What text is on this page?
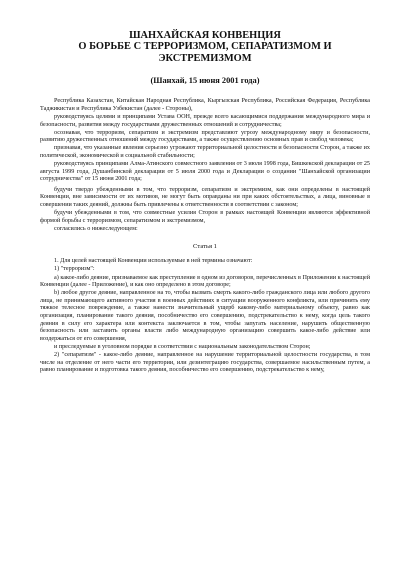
ШАНХАЙСКАЯ КОНВЕНЦИЯ
О БОРЬБЕ С ТЕРРОРИЗМОМ, СЕПАРАТИЗМОМ И ЭКСТРЕМИЗМОМ
(Шанхай, 15 июня 2001 года)

Республика Казахстан, Китайская Народная Республика, Кыргызская Республика, Российская Федерация, Республика Таджикистан и Республика Узбекистан (далее - Стороны),

руководствуясь целями и принципами Устава ООН, прежде всего касающимися поддержания международного мира и безопасности, развития между государствами дружественных отношений и сотрудничества;

осознавая, что терроризм, сепаратизм и экстремизм представляют угрозу международному миру и безопасности, развитию дружественных отношений между государствами, а также осуществлению основных прав и свобод человека;

признавая, что указанные явления серьезно угрожают территориальной целостности и безопасности Сторон, а также их политической, экономической и социальной стабильности;

руководствуясь принципами Алма-Атинского совместного заявления от 3 июля 1998 года, Бишкекской декларации от 25 августа 1999 года, Душанбинской декларации от 5 июля 2000 года и Декларации о создании "Шанхайской организации сотрудничества" от 15 июня 2001 года;

будучи твердо убежденными в том, что терроризм, сепаратизм и экстремизм, как они определены в настоящей Конвенции, вне зависимости от их мотивов, не могут быть оправданы ни при каких обстоятельствах, а лица, виновные в совершении таких деяний, должны быть привлечены к ответственности в соответствии с законом;

будучи убежденными в том, что совместные усилия Сторон в рамках настоящей Конвенции являются эффективной формой борьбы с терроризмом, сепаратизмом и экстремизмом,

согласились о нижеследующем:

Статья 1

1. Для целей настоящей Конвенции используемые в ней термины означают:

1) "терроризм":

а) какое-либо деяние, признаваемое как преступление в одном из договоров, перечисленных в Приложении к настоящей Конвенции (далее - Приложение), и как оно определено в этом договоре;

b) любое другое деяние, направленное на то, чтобы вызвать смерть какого-либо гражданского лица или любого другого лица, не принимающего активного участия в военных действиях в ситуации вооруженного конфликта, или причинить ему тяжкое телесное повреждение, а также нанести значительный ущерб какому-либо материальному объекту, равно как организация, планирование такого деяния, пособничество его совершению, подстрекательство к нему, когда цель такого деяния в силу его характера или контекста заключается в том, чтобы запугать население, нарушить общественную безопасность или заставить органы власти либо международную организацию совершить какое-либо действие или воздержаться от его совершения,

и преследуемые в уголовном порядке в соответствии с национальным законодательством Сторон;

2) "сепаратизм" - какое-либо деяние, направленное на нарушение территориальной целостности государства, в том числе на отделение от него части его территории, или дезинтеграцию государства, совершаемое насильственным путем, а равно планирование и подготовка такого деяния, пособничество его совершению, подстрекательство к нему,
